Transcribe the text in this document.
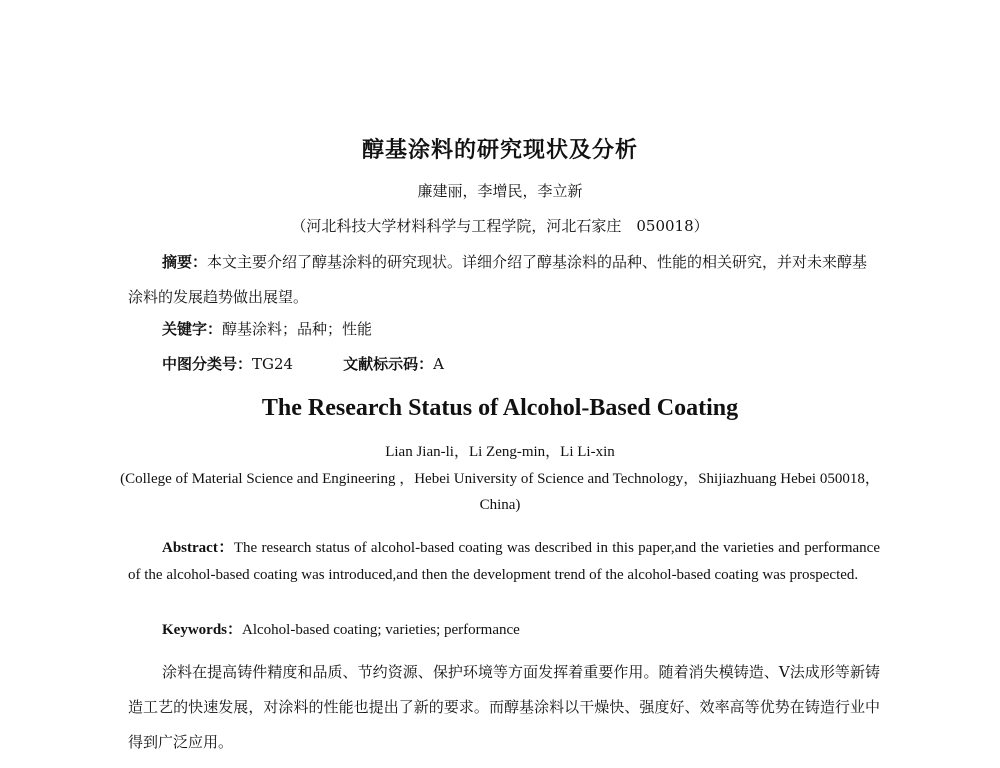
醇基涂料的研究现状及分析
廉建丽，李增民，李立新
（河北科技大学材料科学与工程学院，河北石家庄　050018）
摘要：本文主要介绍了醇基涂料的研究现状。详细介绍了醇基涂料的品种、性能的相关研究，并对未来醇基涂料的发展趋势做出展望。
关键字：醇基涂料；品种；性能
中图分类号：TG24	文献标示码：A
The Research Status of Alcohol-Based Coating
Lian Jian-li，Li Zeng-min，Li Li-xin
(College of Material Science and Engineering ，Hebei University of Science and Technology，Shijiazhuang Hebei 050018，China)
Abstract：The research status of alcohol-based coating was described in this paper,and the varieties and performance of the alcohol-based coating was introduced,and then the development trend of the alcohol-based coating was prospected.
Keywords：Alcohol-based coating; varieties; performance
涂料在提高铸件精度和品质、节约资源、保护环境等方面发挥着重要作用。随着消失模铸造、V法成形等新铸造工艺的快速发展，对涂料的性能也提出了新的要求。而醇基涂料以干燥快、强度好、效率高等优势在铸造行业中得到广泛应用。
